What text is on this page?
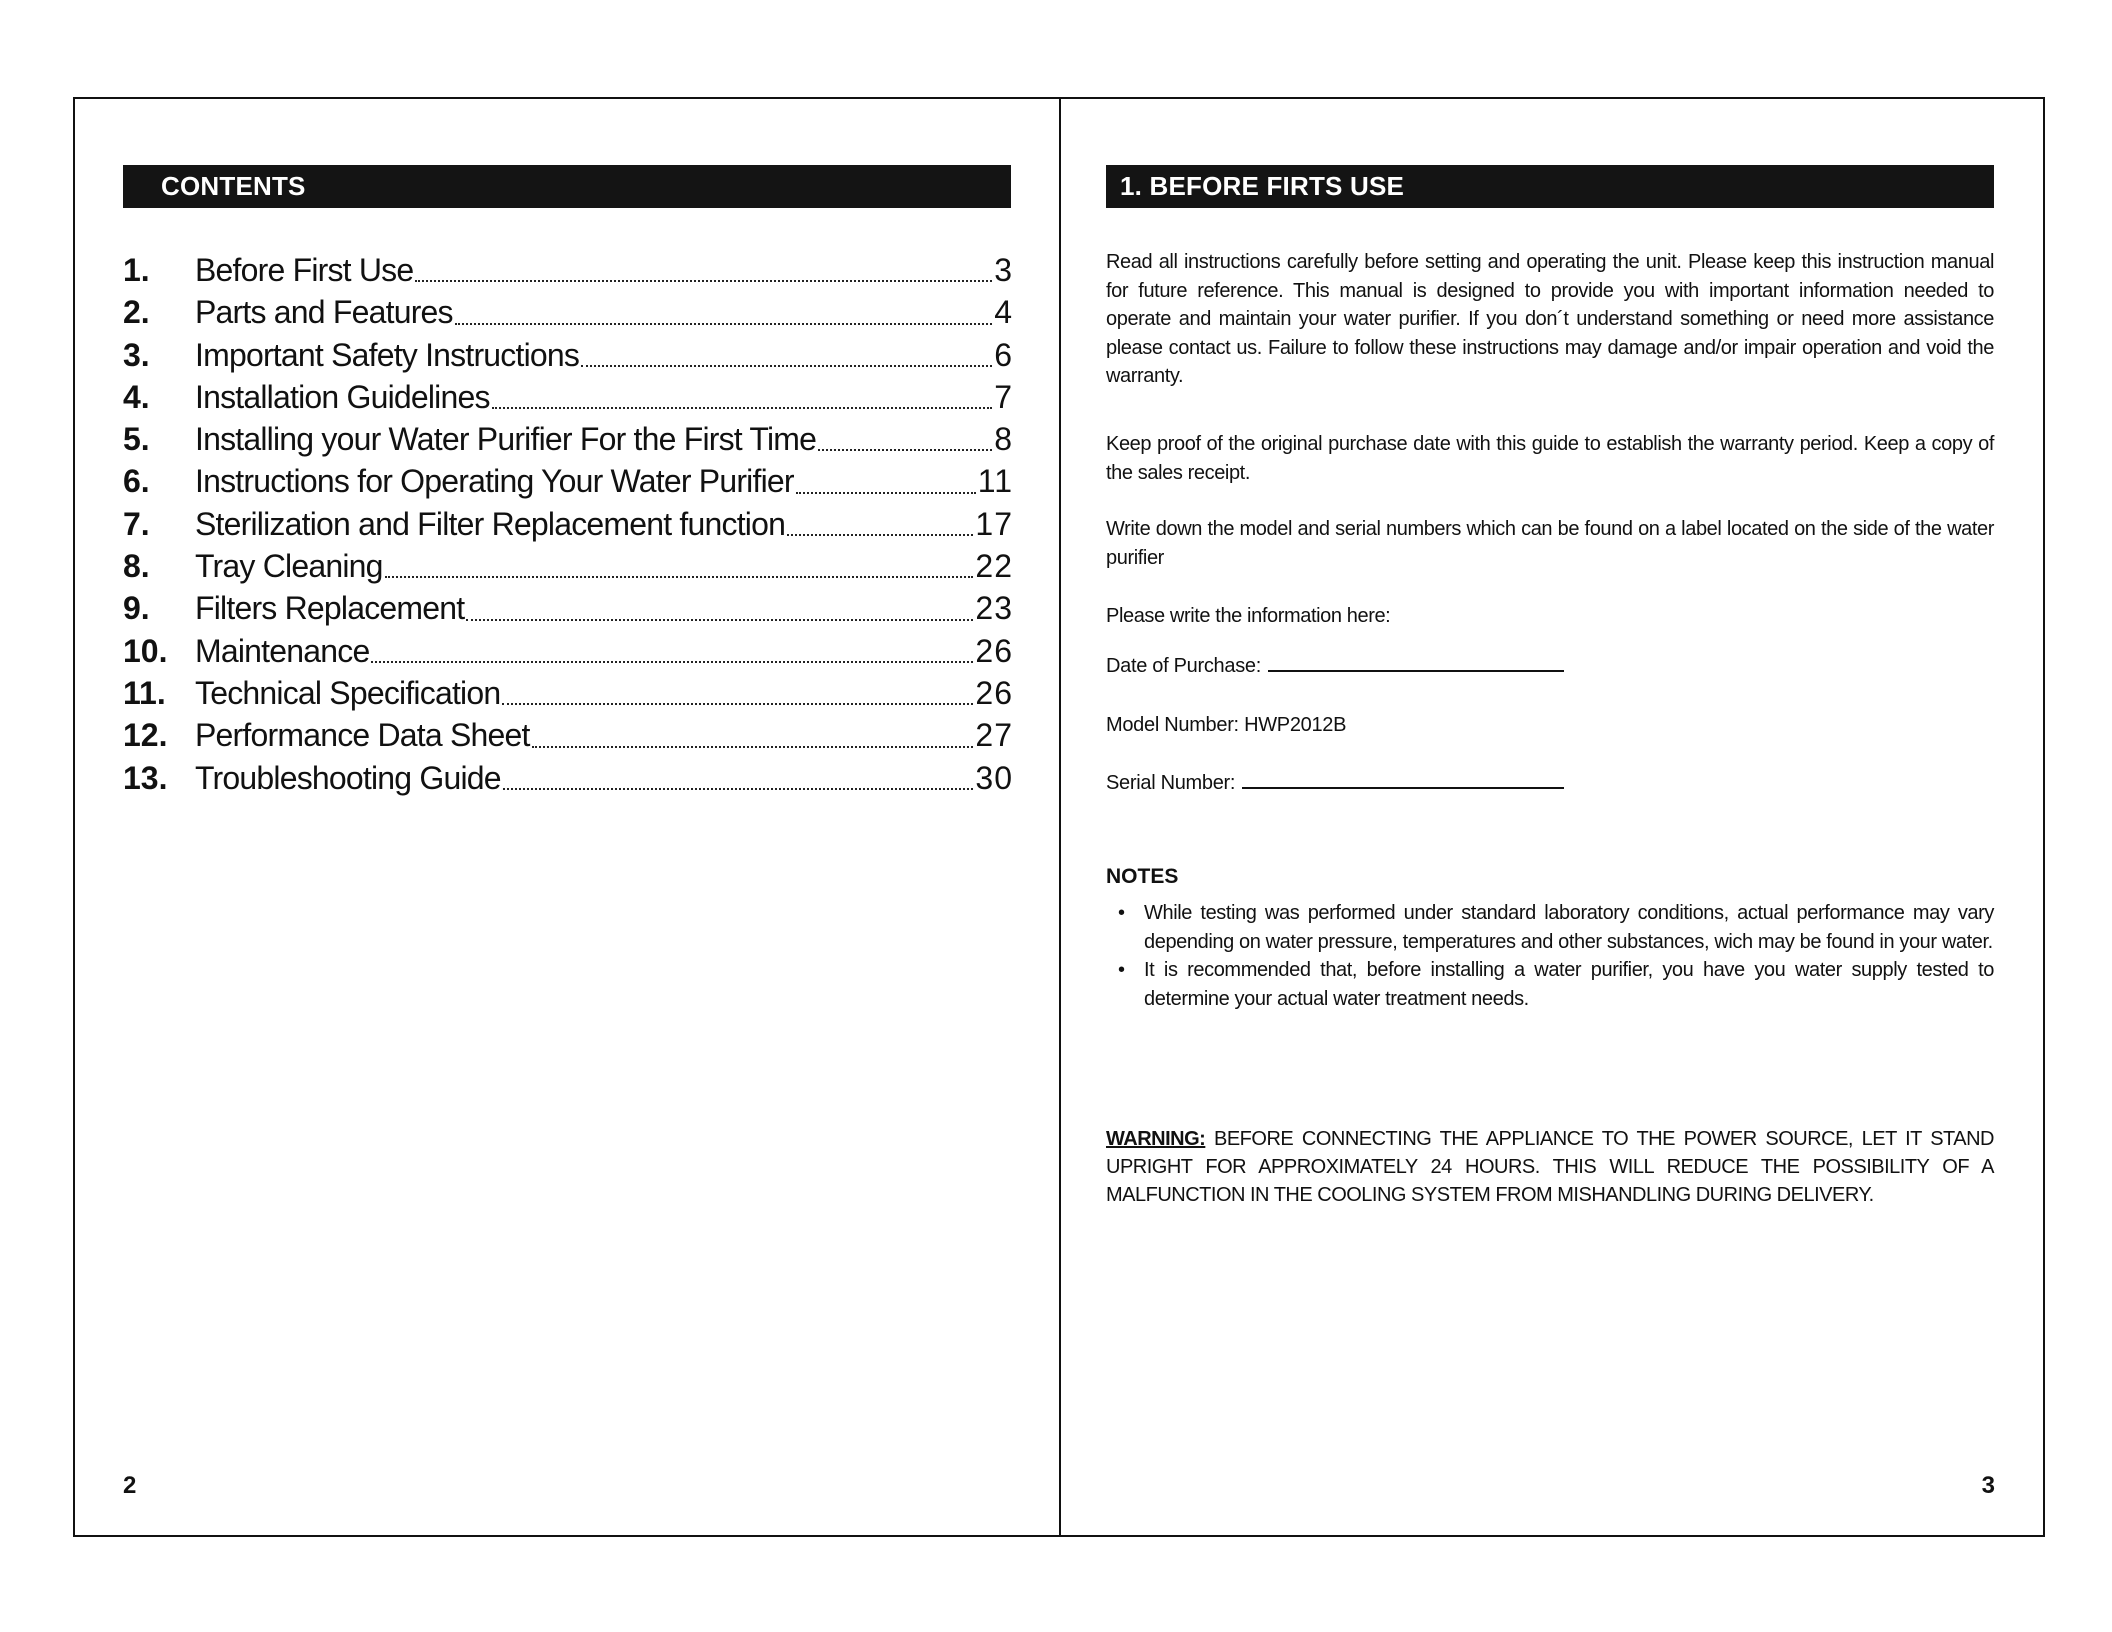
CONTENTS
1.	Before First Use	3
2.	Parts and Features	4
3.	Important Safety Instructions	6
4.	Installation Guidelines	7
5.	Installing your Water Purifier For the First Time	8
6.	Instructions for Operating Your Water Purifier	11
7.	Sterilization and Filter Replacement function	17
8.	Tray Cleaning	22
9.	Filters Replacement	23
10. Maintenance	26
11. Technical Specification	26
12. Performance Data Sheet	27
13. Troubleshooting Guide	30
2
1. BEFORE FIRTS USE

Read all instructions carefully before setting and operating the unit. Please keep this instruction manual for future reference. This manual is designed to provide you with important information needed to operate and maintain your water purifier. If you don´t understand something or need more assistance please contact us. Failure to follow these instructions may damage and/or impair operation and void the warranty.

Keep proof of the original purchase date with this guide to establish the warranty period. Keep a copy of the sales receipt.

Write down the model and serial numbers which can be found on a label located on the side of the water purifier

Please write the information here:

Date of Purchase:
Model Number: HWP2012B
Serial Number:
NOTES
• While testing was performed under standard laboratory conditions, actual performance may vary depending on water pressure, temperatures and other substances, wich may be found in your water.
• It is recommended that, before installing a water purifier, you have you water supply tested to determine your actual water treatment needs.

WARNING: BEFORE CONNECTING THE APPLIANCE TO THE POWER SOURCE, LET IT STAND UPRIGHT FOR APPROXIMATELY 24 HOURS. THIS WILL REDUCE THE POSSIBILITY OF A MALFUNCTION IN THE COOLING SYSTEM FROM MISHANDLING DURING DELIVERY.

3
